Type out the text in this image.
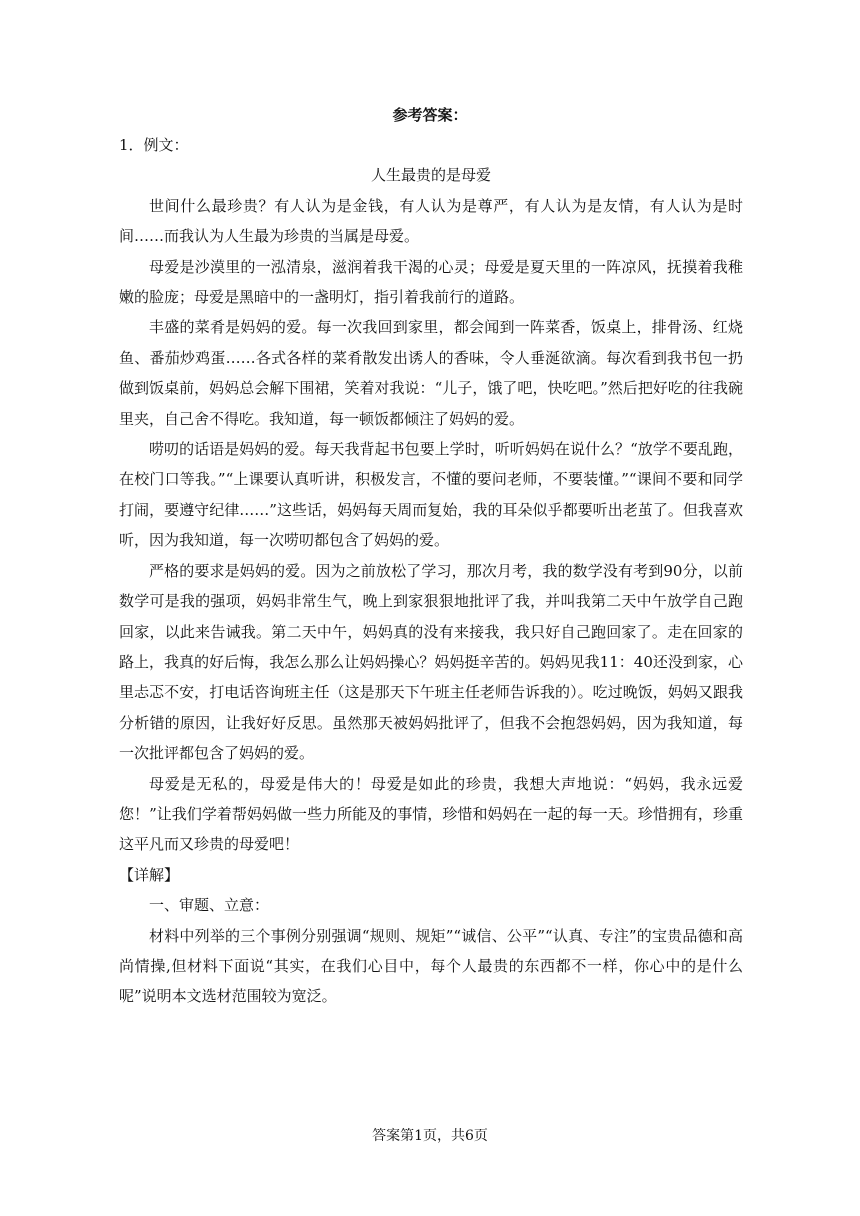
参考答案：

1．例文：

人生最贵的是母爱

世间什么最珍贵？有人认为是金钱，有人认为是尊严，有人认为是友情，有人认为是时间……而我认为人生最为珍贵的当属是母爱。

母爱是沙漠里的一泓清泉，滋润着我干渴的心灵；母爱是夏天里的一阵凉风，抚摸着我稚嫩的脸庞；母爱是黑暗中的一盏明灯，指引着我前行的道路。

丰盛的菜肴是妈妈的爱。每一次我回到家里，都会闻到一阵菜香，饭桌上，排骨汤、红烧鱼、番茄炒鸡蛋……各式各样的菜肴散发出诱人的香味，令人垂涎欲滴。每次看到我书包一扔做到饭桌前，妈妈总会解下围裙，笑着对我说：“儿子，饿了吧，快吃吧。”然后把好吃的往我碗里夹，自己舍不得吃。我知道，每一顿饭都倾注了妈妈的爱。

唠叨的话语是妈妈的爱。每天我背起书包要上学时，听听妈妈在说什么？“放学不要乱跑，在校门口等我。”“上课要认真听讲，积极发言，不懂的要问老师，不要装懂。”“课间不要和同学打闹，要遵守纪律……”这些话，妈妈每天周而复始，我的耳朵似乎都要听出老茧了。但我喜欢听，因为我知道，每一次唠叨都包含了妈妈的爱。

严格的要求是妈妈的爱。因为之前放松了学习，那次月考，我的数学没有考到90分，以前数学可是我的强项，妈妈非常生气，晚上到家狠狠地批评了我，并叫我第二天中午放学自己跑回家，以此来告诫我。第二天中午，妈妈真的没有来接我，我只好自己跑回家了。走在回家的路上，我真的好后悔，我怎么那么让妈妈操心？妈妈挺辛苦的。妈妈见我11：40还没到家，心里忐忑不安，打电话咨询班主任（这是那天下午班主任老师告诉我的）。吃过晚饭，妈妈又跟我分析错的原因，让我好好反思。虽然那天被妈妈批评了，但我不会抱怨妈妈，因为我知道，每一次批评都包含了妈妈的爱。

母爱是无私的，母爱是伟大的！母爱是如此的珍贵，我想大声地说：“妈妈，我永远爱您！”让我们学着帮妈妈做一些力所能及的事情，珍惜和妈妈在一起的每一天。珍惜拥有，珍重这平凡而又珍贵的母爱吧！

【详解】

一、审题、立意：

材料中列举的三个事例分别强调“规则、规矩”“诚信、公平”“认真、专注”的宝贵品德和高尚情操,但材料下面说“其实，在我们心目中，每个人最贵的东西都不一样，你心中的是什么呢”说明本文选材范围较为宽泛。

答案第1页，共6页
